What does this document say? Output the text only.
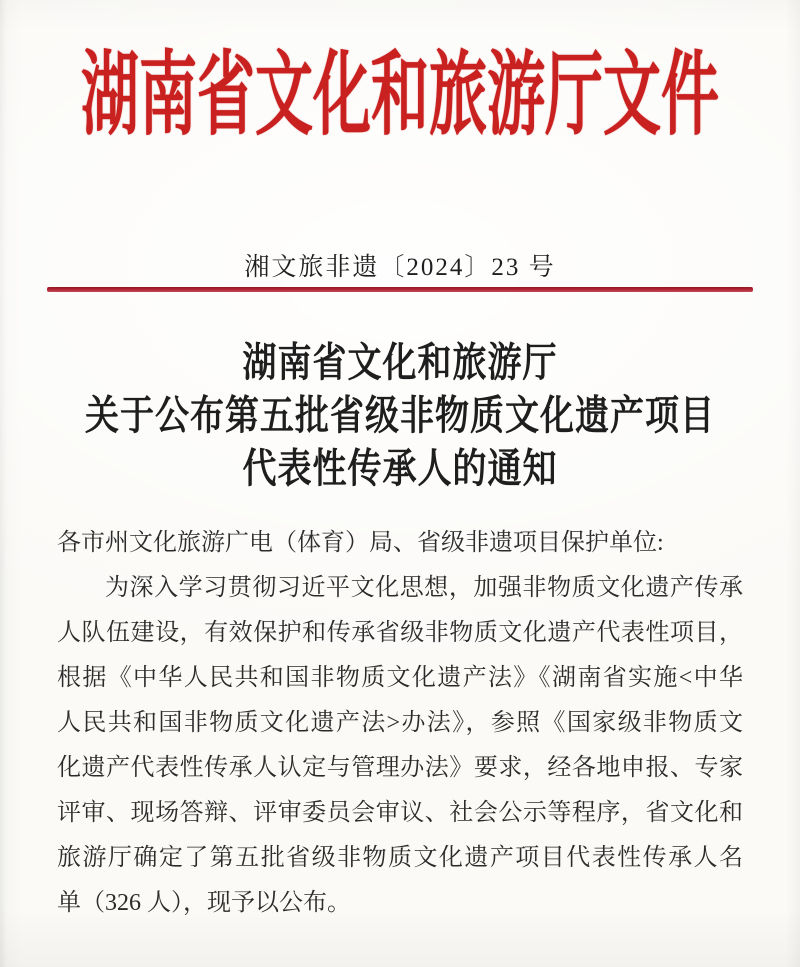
湖南省文化和旅游厅文件
湘文旅非遗〔2024〕23 号
湖南省文化和旅游厅
关于公布第五批省级非物质文化遗产项目
代表性传承人的通知
各市州文化旅游广电（体育）局、省级非遗项目保护单位:
为深入学习贯彻习近平文化思想，加强非物质文化遗产传承
人队伍建设，有效保护和传承省级非物质文化遗产代表性项目，
根据《中华人民共和国非物质文化遗产法》《湖南省实施<中华
人民共和国非物质文化遗产法>办法》，参照《国家级非物质文
化遗产代表性传承人认定与管理办法》要求，经各地申报、专家
评审、现场答辩、评审委员会审议、社会公示等程序，省文化和
旅游厅确定了第五批省级非物质文化遗产项目代表性传承人名
单（326 人），现予以公布。
